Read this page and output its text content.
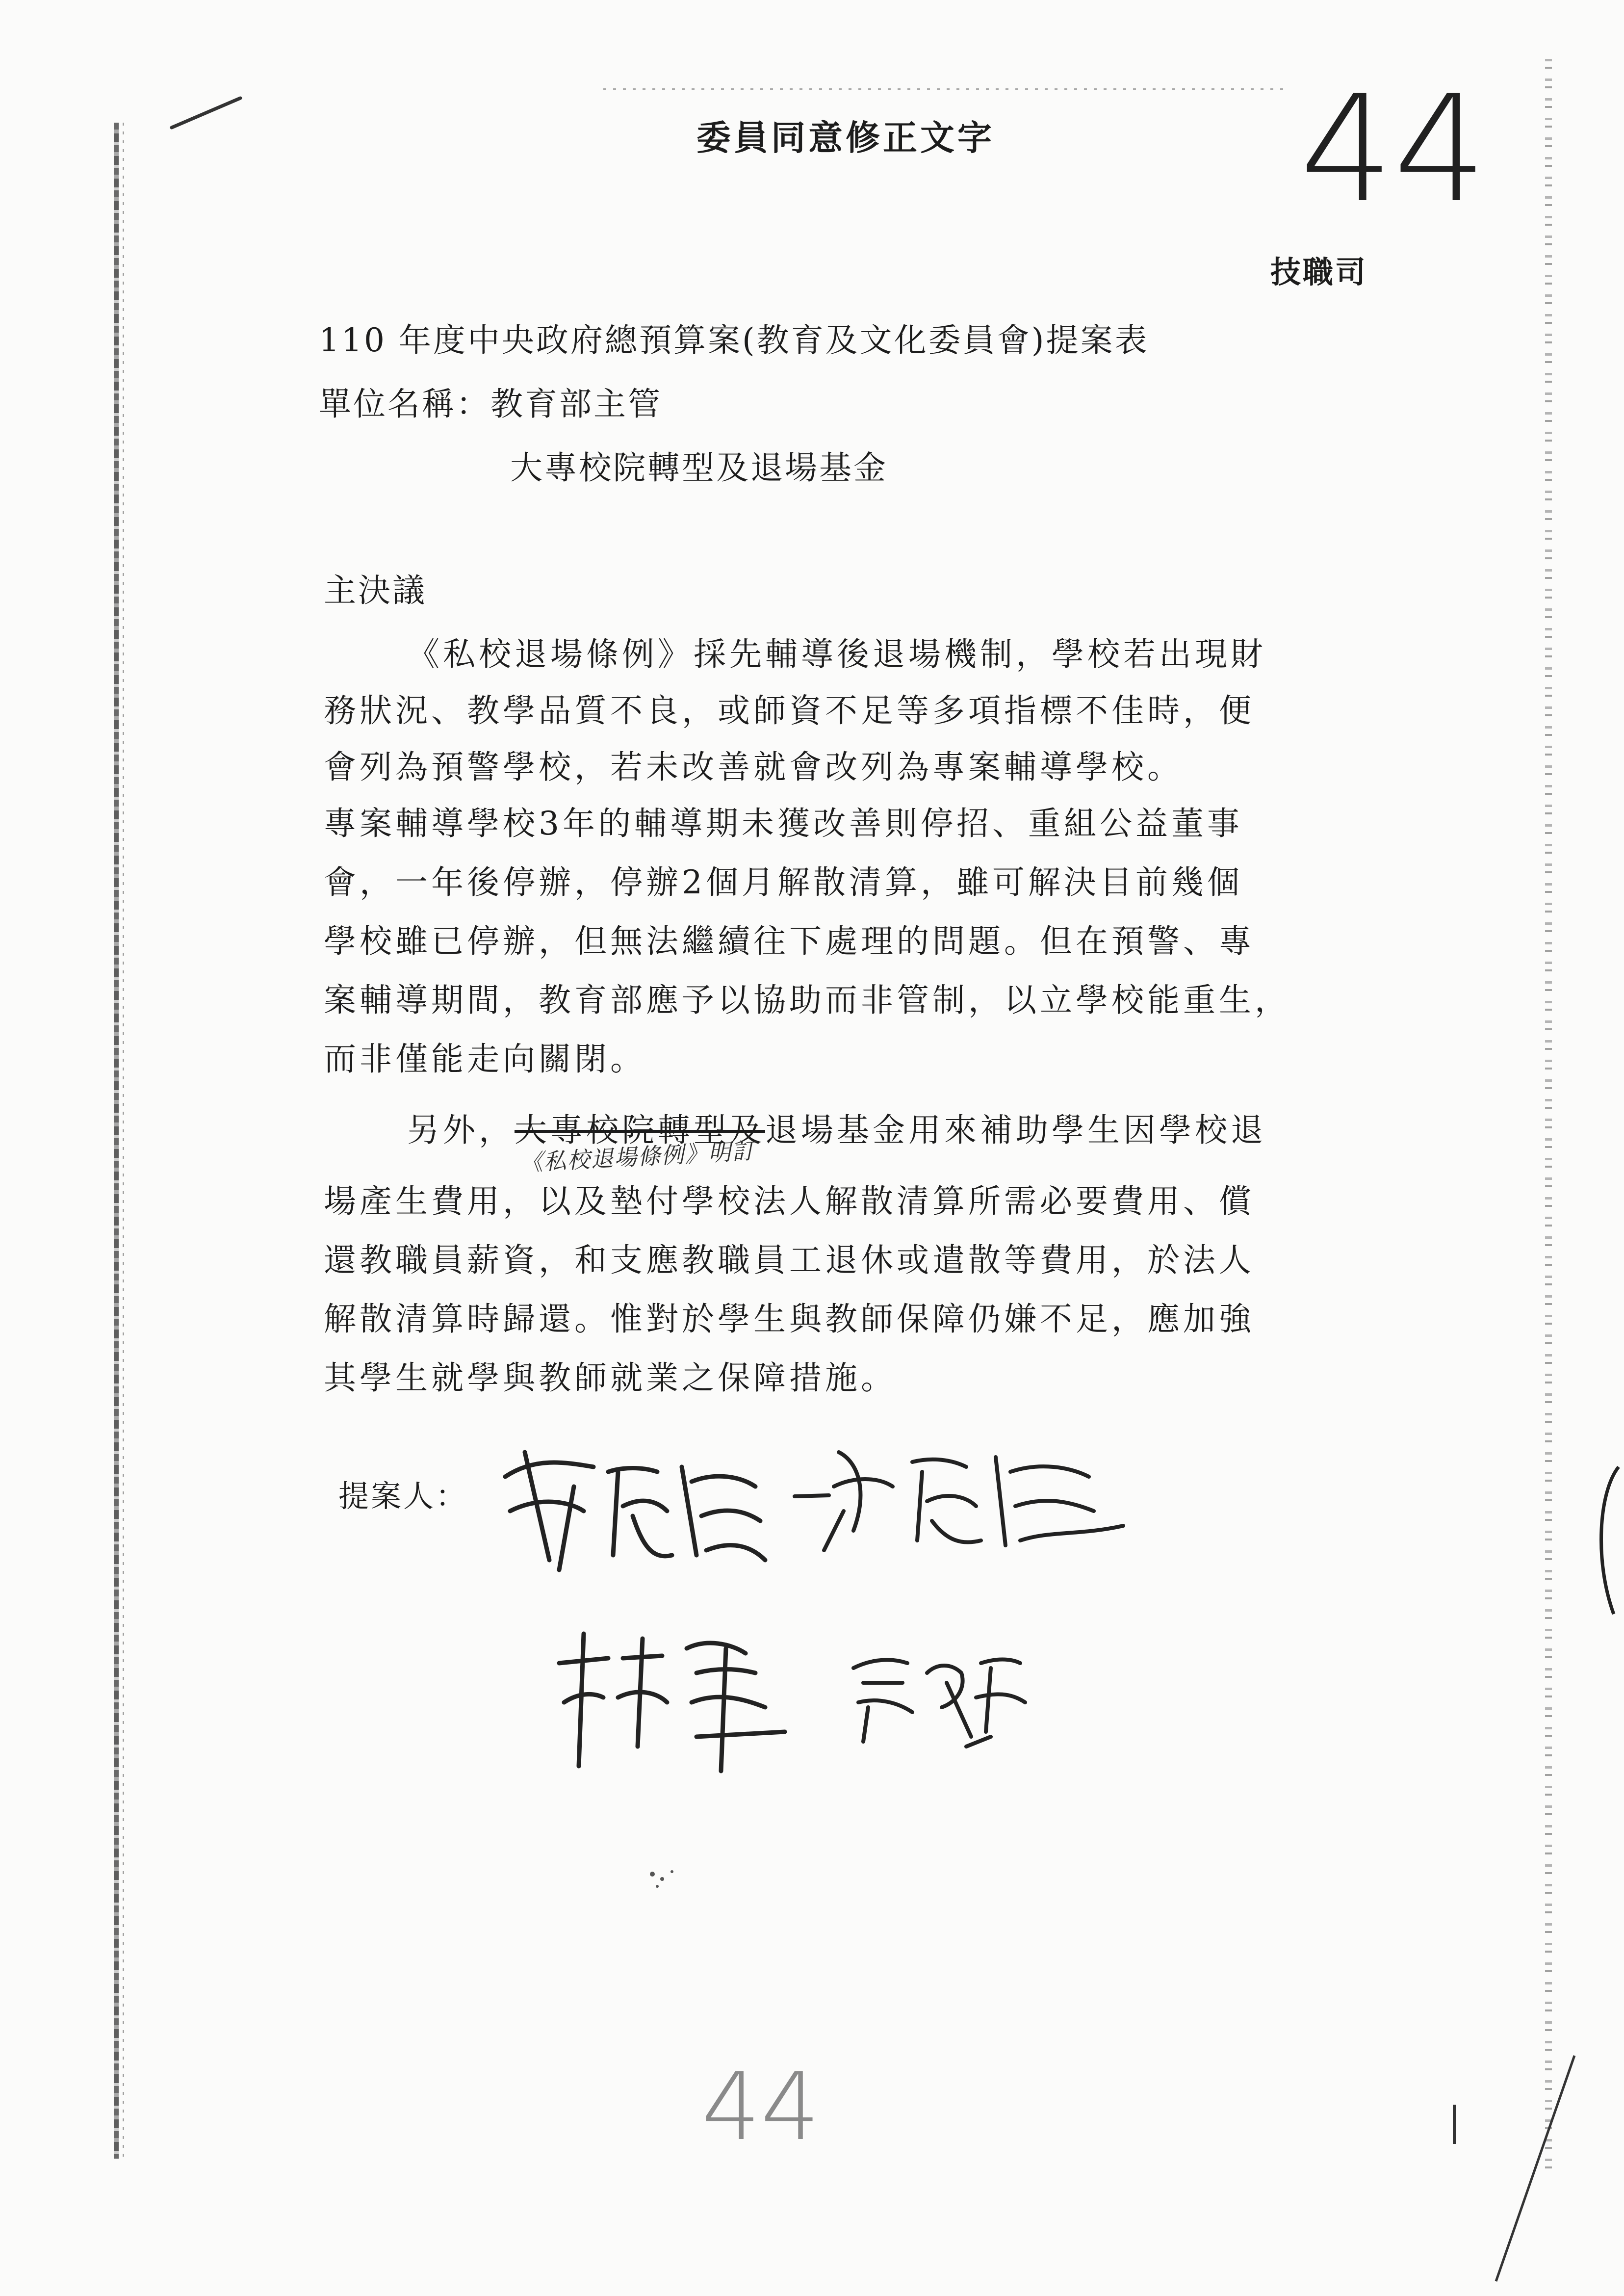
委員同意修正文字 44
技職司
110 年度中央政府總預算案(教育及文化委員會)提案表
單位名稱：教育部主管
大專校院轉型及退場基金
主決議
《私校退場條例》採先輔導後退場機制，學校若出現財
務狀況、教學品質不良，或師資不足等多項指標不佳時，便
會列為預警學校，若未改善就會改列為專案輔導學校。
專案輔導學校3年的輔導期未獲改善則停招、重組公益董事
會，一年後停辦，停辦2個月解散清算，雖可解決目前幾個
學校雖已停辦，但無法繼續往下處理的問題。但在預警、專
案輔導期間，教育部應予以協助而非管制，以立學校能重生，
而非僅能走向關閉。
另外，大專校院轉型及退場基金用來補助學生因學校退
《私校退場條例》明訂
場產生費用，以及墊付學校法人解散清算所需必要費用、償
還教職員薪資，和支應教職員工退休或遣散等費用，於法人
解散清算時歸還。惟對於學生與教師保障仍嫌不足，應加強
其學生就學與教師就業之保障措施。
提案人：
44
